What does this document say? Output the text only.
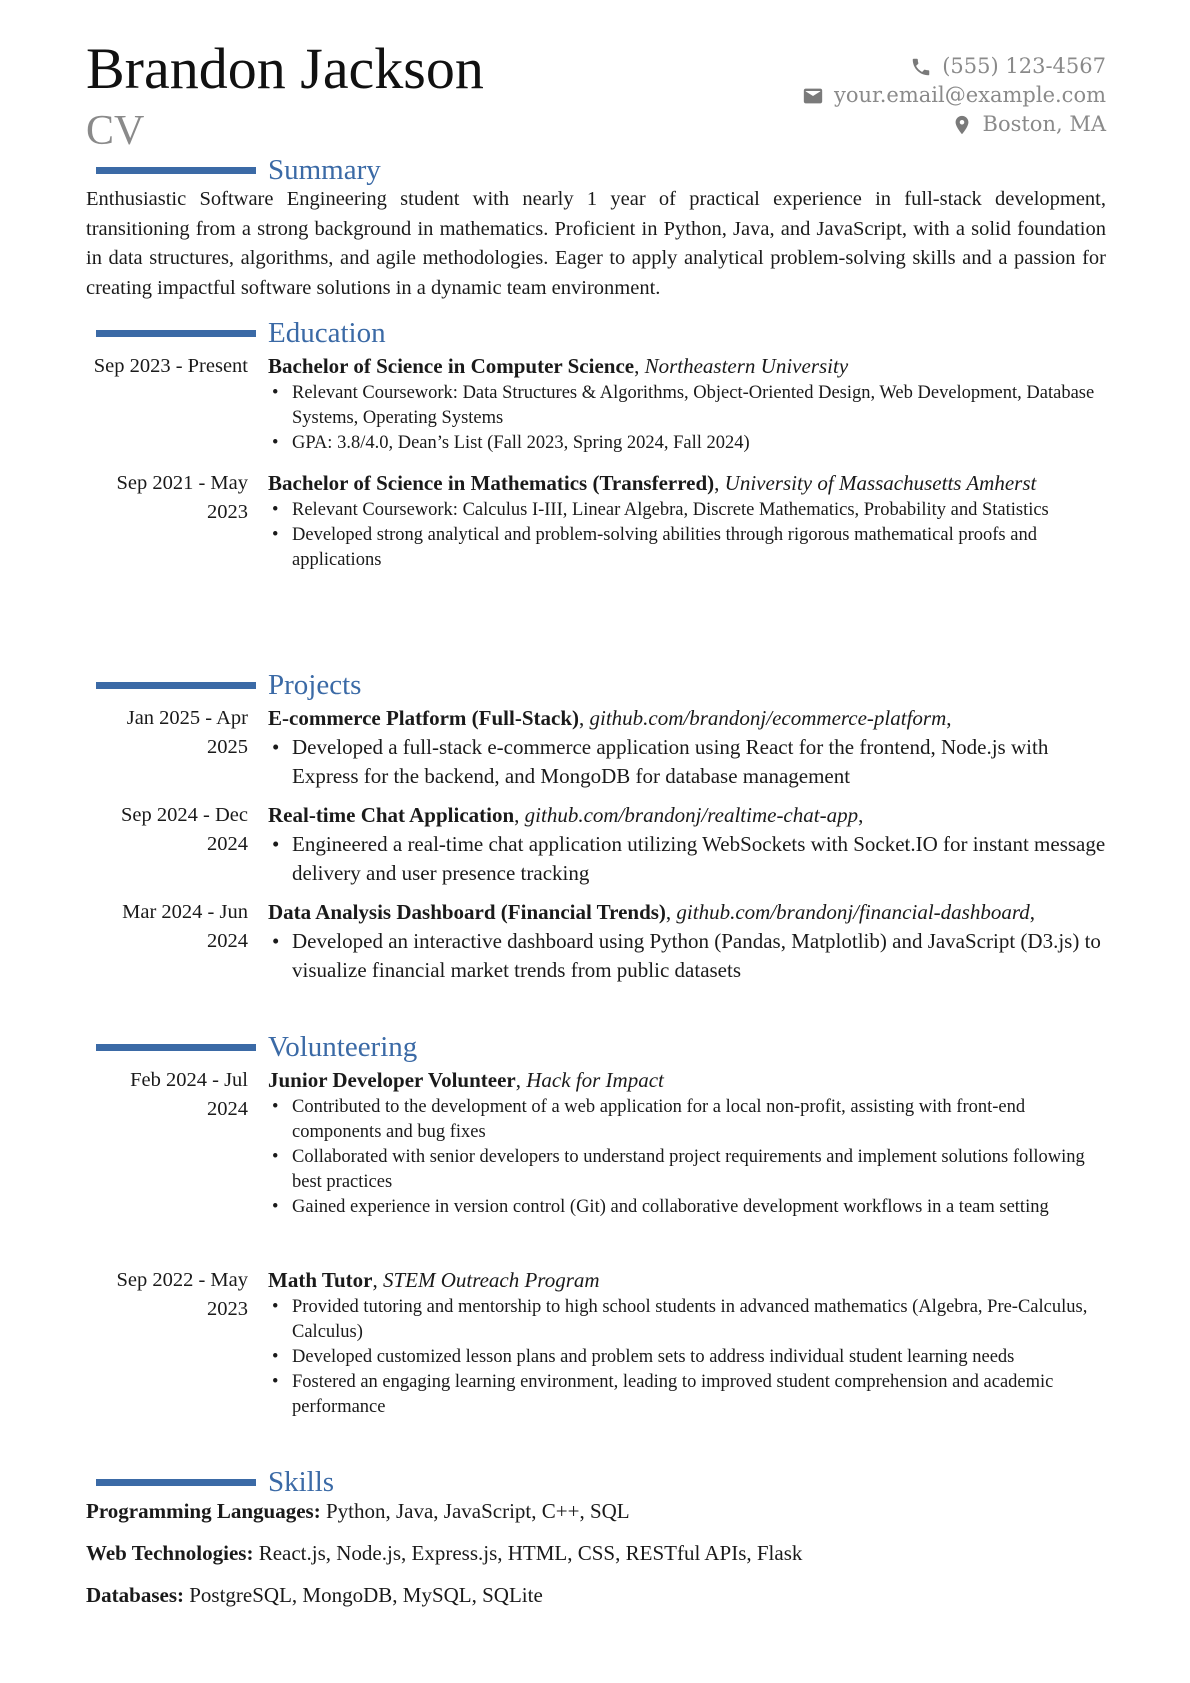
Brandon Jackson
CV
(555) 123-4567
your.email@example.com
Boston, MA
Summary
Enthusiastic Software Engineering student with nearly 1 year of practical experience in full-stack development, transitioning from a strong background in mathematics. Proficient in Python, Java, and JavaScript, with a solid foundation in data structures, algorithms, and agile methodologies. Eager to apply analytical problem-solving skills and a passion for creating impactful software solutions in a dynamic team environment.
Education
Sep 2023 - Present Bachelor of Science in Computer Science, Northeastern University
• Relevant Coursework: Data Structures & Algorithms, Object-Oriented Design, Web Development, Database Systems, Operating Systems
• GPA: 3.8/4.0, Dean’s List (Fall 2023, Spring 2024, Fall 2024)
Sep 2021 - May 2023
Bachelor of Science in Mathematics (Transferred), University of Massachusetts Amherst
• Relevant Coursework: Calculus I-III, Linear Algebra, Discrete Mathematics, Probability and Statistics
• Developed strong analytical and problem-solving abilities through rigorous mathematical proofs and applications
Projects
Jan 2025 - Apr 2025
E-commerce Platform (Full-Stack), github.com/brandonj/ecommerce-platform,
• Developed a full-stack e-commerce application using React for the frontend, Node.js with Express for the backend, and MongoDB for database management
Sep 2024 - Dec 2024
Real-time Chat Application, github.com/brandonj/realtime-chat-app,
• Engineered a real-time chat application utilizing WebSockets with Socket.IO for instant message delivery and user presence tracking
Mar 2024 - Jun 2024
Data Analysis Dashboard (Financial Trends), github.com/brandonj/financial-dashboard,
• Developed an interactive dashboard using Python (Pandas, Matplotlib) and JavaScript (D3.js) to visualize financial market trends from public datasets
Volunteering
Feb 2024 - Jul 2024
Junior Developer Volunteer, Hack for Impact
• Contributed to the development of a web application for a local non-profit, assisting with front-end components and bug fixes
• Collaborated with senior developers to understand project requirements and implement solutions following best practices
• Gained experience in version control (Git) and collaborative development workflows in a team setting
Sep 2022 - May 2023
Math Tutor, STEM Outreach Program
• Provided tutoring and mentorship to high school students in advanced mathematics (Algebra, Pre-Calculus, Calculus)
• Developed customized lesson plans and problem sets to address individual student learning needs
• Fostered an engaging learning environment, leading to improved student comprehension and academic performance
Skills
Programming Languages: Python, Java, JavaScript, C++, SQL
Web Technologies: React.js, Node.js, Express.js, HTML, CSS, RESTful APIs, Flask
Databases: PostgreSQL, MongoDB, MySQL, SQLite
